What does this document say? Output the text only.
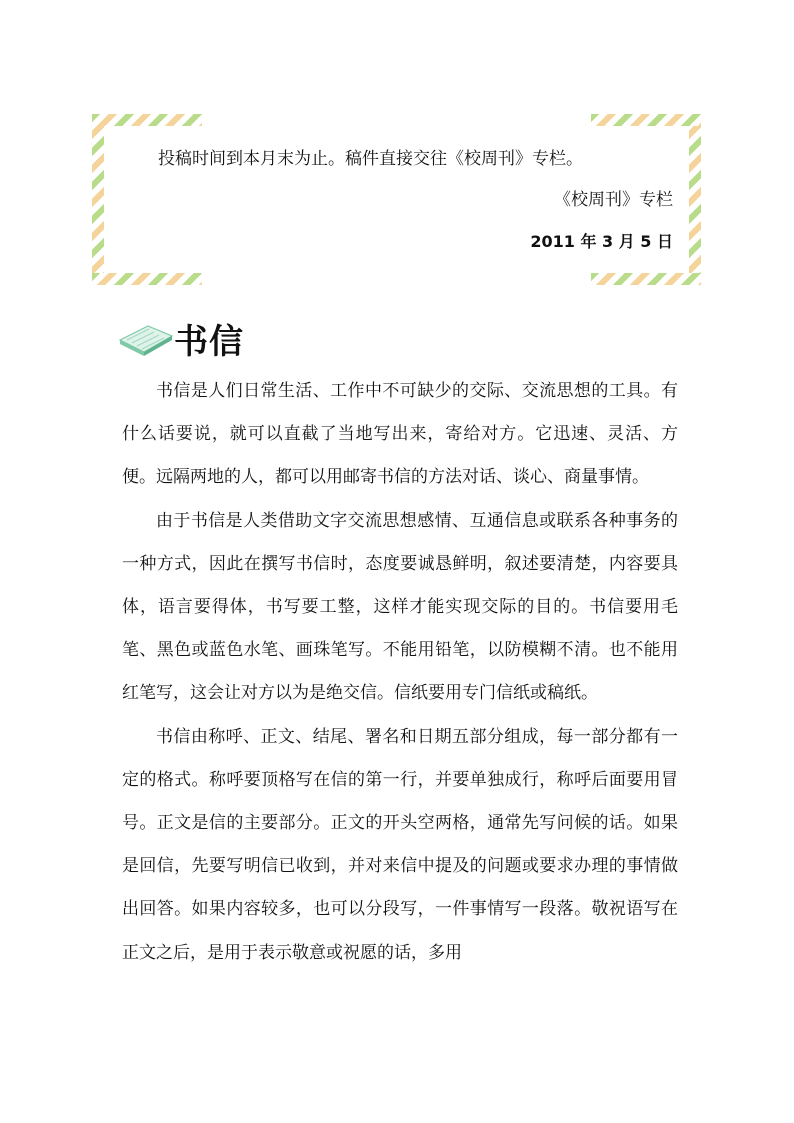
投稿时间到本月末为止。稿件直接交往《校周刊》专栏。
《校周刊》专栏
2011 年 3 月 5 日
书信

书信是人们日常生活、工作中不可缺少的交际、交流思想的工具。有什么话要说，就可以直截了当地写出来，寄给对方。它迅速、灵活、方便。远隔两地的人，都可以用邮寄书信的方法对话、谈心、商量事情。

由于书信是人类借助文字交流思想感情、互通信息或联系各种事务的一种方式，因此在撰写书信时，态度要诚恳鲜明，叙述要清楚，内容要具体，语言要得体，书写要工整，这样才能实现交际的目的。书信要用毛笔、黑色或蓝色水笔、画珠笔写。不能用铅笔，以防模糊不清。也不能用红笔写，这会让对方以为是绝交信。信纸要用专门信纸或稿纸。

书信由称呼、正文、结尾、署名和日期五部分组成，每一部分都有一定的格式。称呼要顶格写在信的第一行，并要单独成行，称呼后面要用冒号。正文是信的主要部分。正文的开头空两格，通常先写问候的话。如果是回信，先要写明信已收到，并对来信中提及的问题或要求办理的事情做出回答。如果内容较多，也可以分段写，一件事情写一段落。敬祝语写在正文之后，是用于表示敬意或祝愿的话，多用
